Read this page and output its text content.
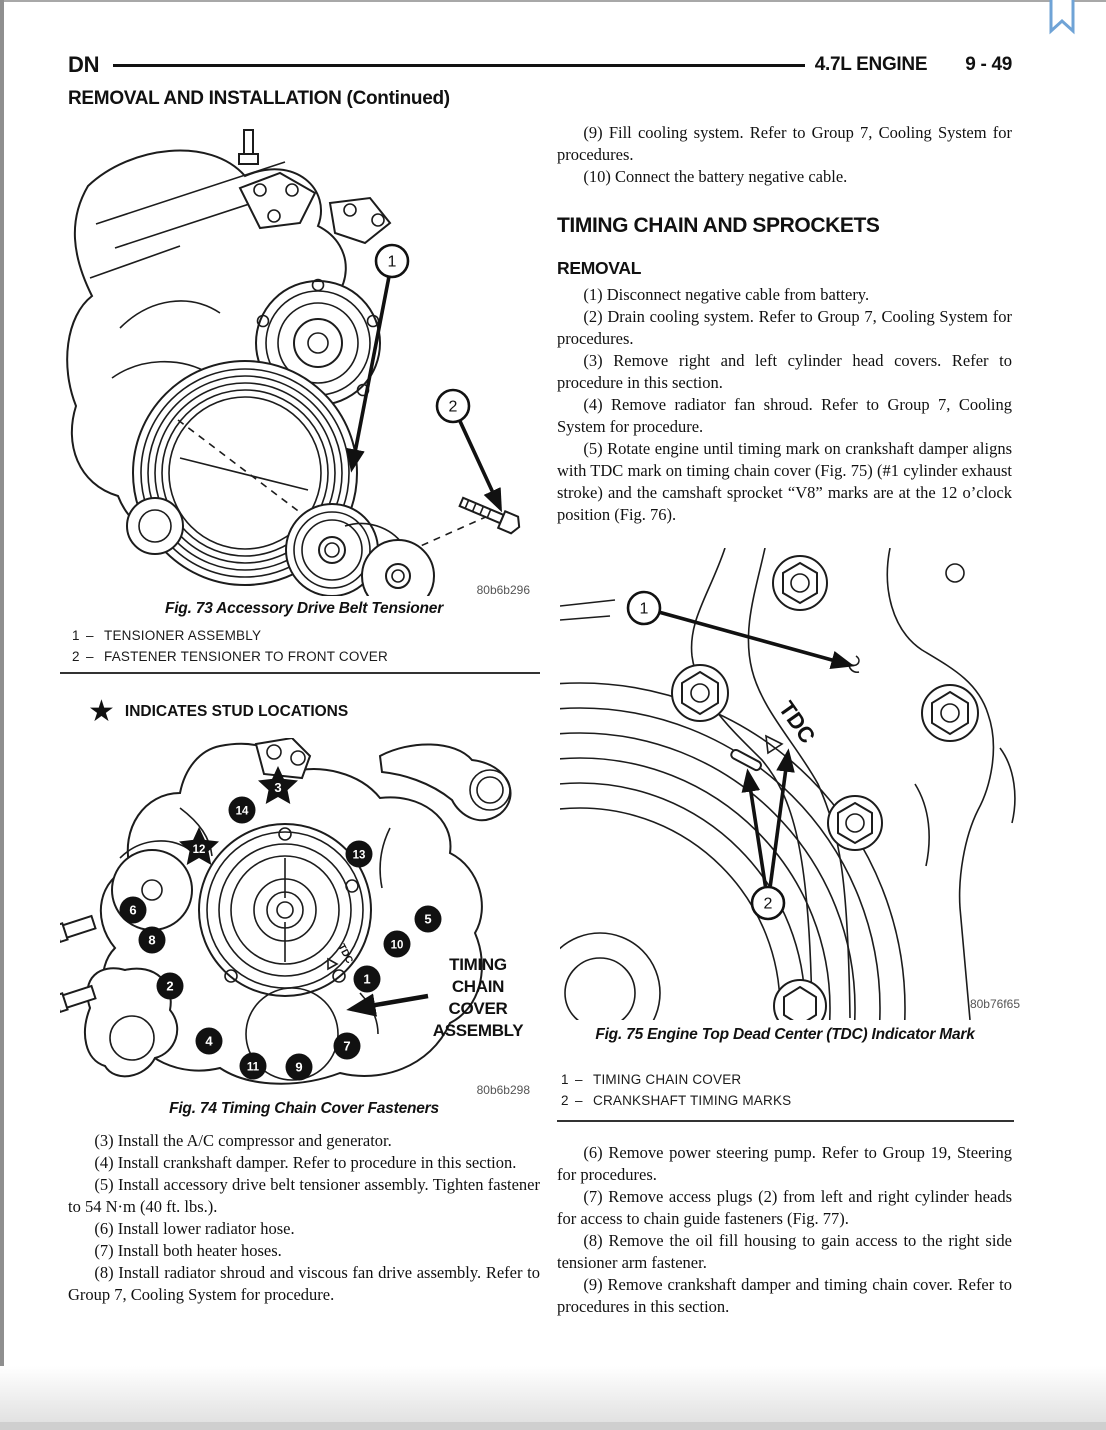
DN	4.7L ENGINE 9 - 49
REMOVAL AND INSTALLATION (Continued)
1
2
80b6b296
Fig. 73 Accessory Drive Belt Tensioner
1 – TENSIONER ASSEMBLY
2 – FASTENER TENSIONER TO FRONT COVER
★ INDICATES STUD LOCATIONS
TDC
3
14
12	13
6
5
8	10
2	1
4	7
11	9
80b6b298
TIMING CHAIN COVER ASSEMBLY
Fig. 74 Timing Chain Cover Fasteners

(3) Install the A/C compressor and generator.

(4) Install crankshaft damper. Refer to procedure in this section.

(5) Install accessory drive belt tensioner assembly. Tighten fastener to 54 N·m (40 ft. lbs.).

(6) Install lower radiator hose.

(7) Install both heater hoses.

(8) Install radiator shroud and viscous fan drive assembly. Refer to Group 7, Cooling System for procedure.

(9) Fill cooling system. Refer to Group 7, Cooling System for procedures.

(10) Connect the battery negative cable.

TIMING CHAIN AND SPROCKETS
REMOVAL

(1) Disconnect negative cable from battery.

(2) Drain cooling system. Refer to Group 7, Cooling System for procedures.

(3) Remove right and left cylinder head covers. Refer to procedure in this section.

(4) Remove radiator fan shroud. Refer to Group 7, Cooling System for procedure.

(5) Rotate engine until timing mark on crankshaft damper aligns with TDC mark on timing chain cover (Fig. 75) (#1 cylinder exhaust stroke) and the camshaft sprocket “V8” marks are at the 12 o’clock position (Fig. 76).

TDC
1
2
80b76f65
Fig. 75 Engine Top Dead Center (TDC) Indicator Mark
1 – TIMING CHAIN COVER
2 – CRANKSHAFT TIMING MARKS

(6) Remove power steering pump. Refer to Group 19, Steering for procedures.

(7) Remove access plugs (2) from left and right cylinder heads for access to chain guide fasteners (Fig. 77).

(8) Remove the oil fill housing to gain access to the right side tensioner arm fastener.

(9) Remove crankshaft damper and timing chain cover. Refer to procedures in this section.
